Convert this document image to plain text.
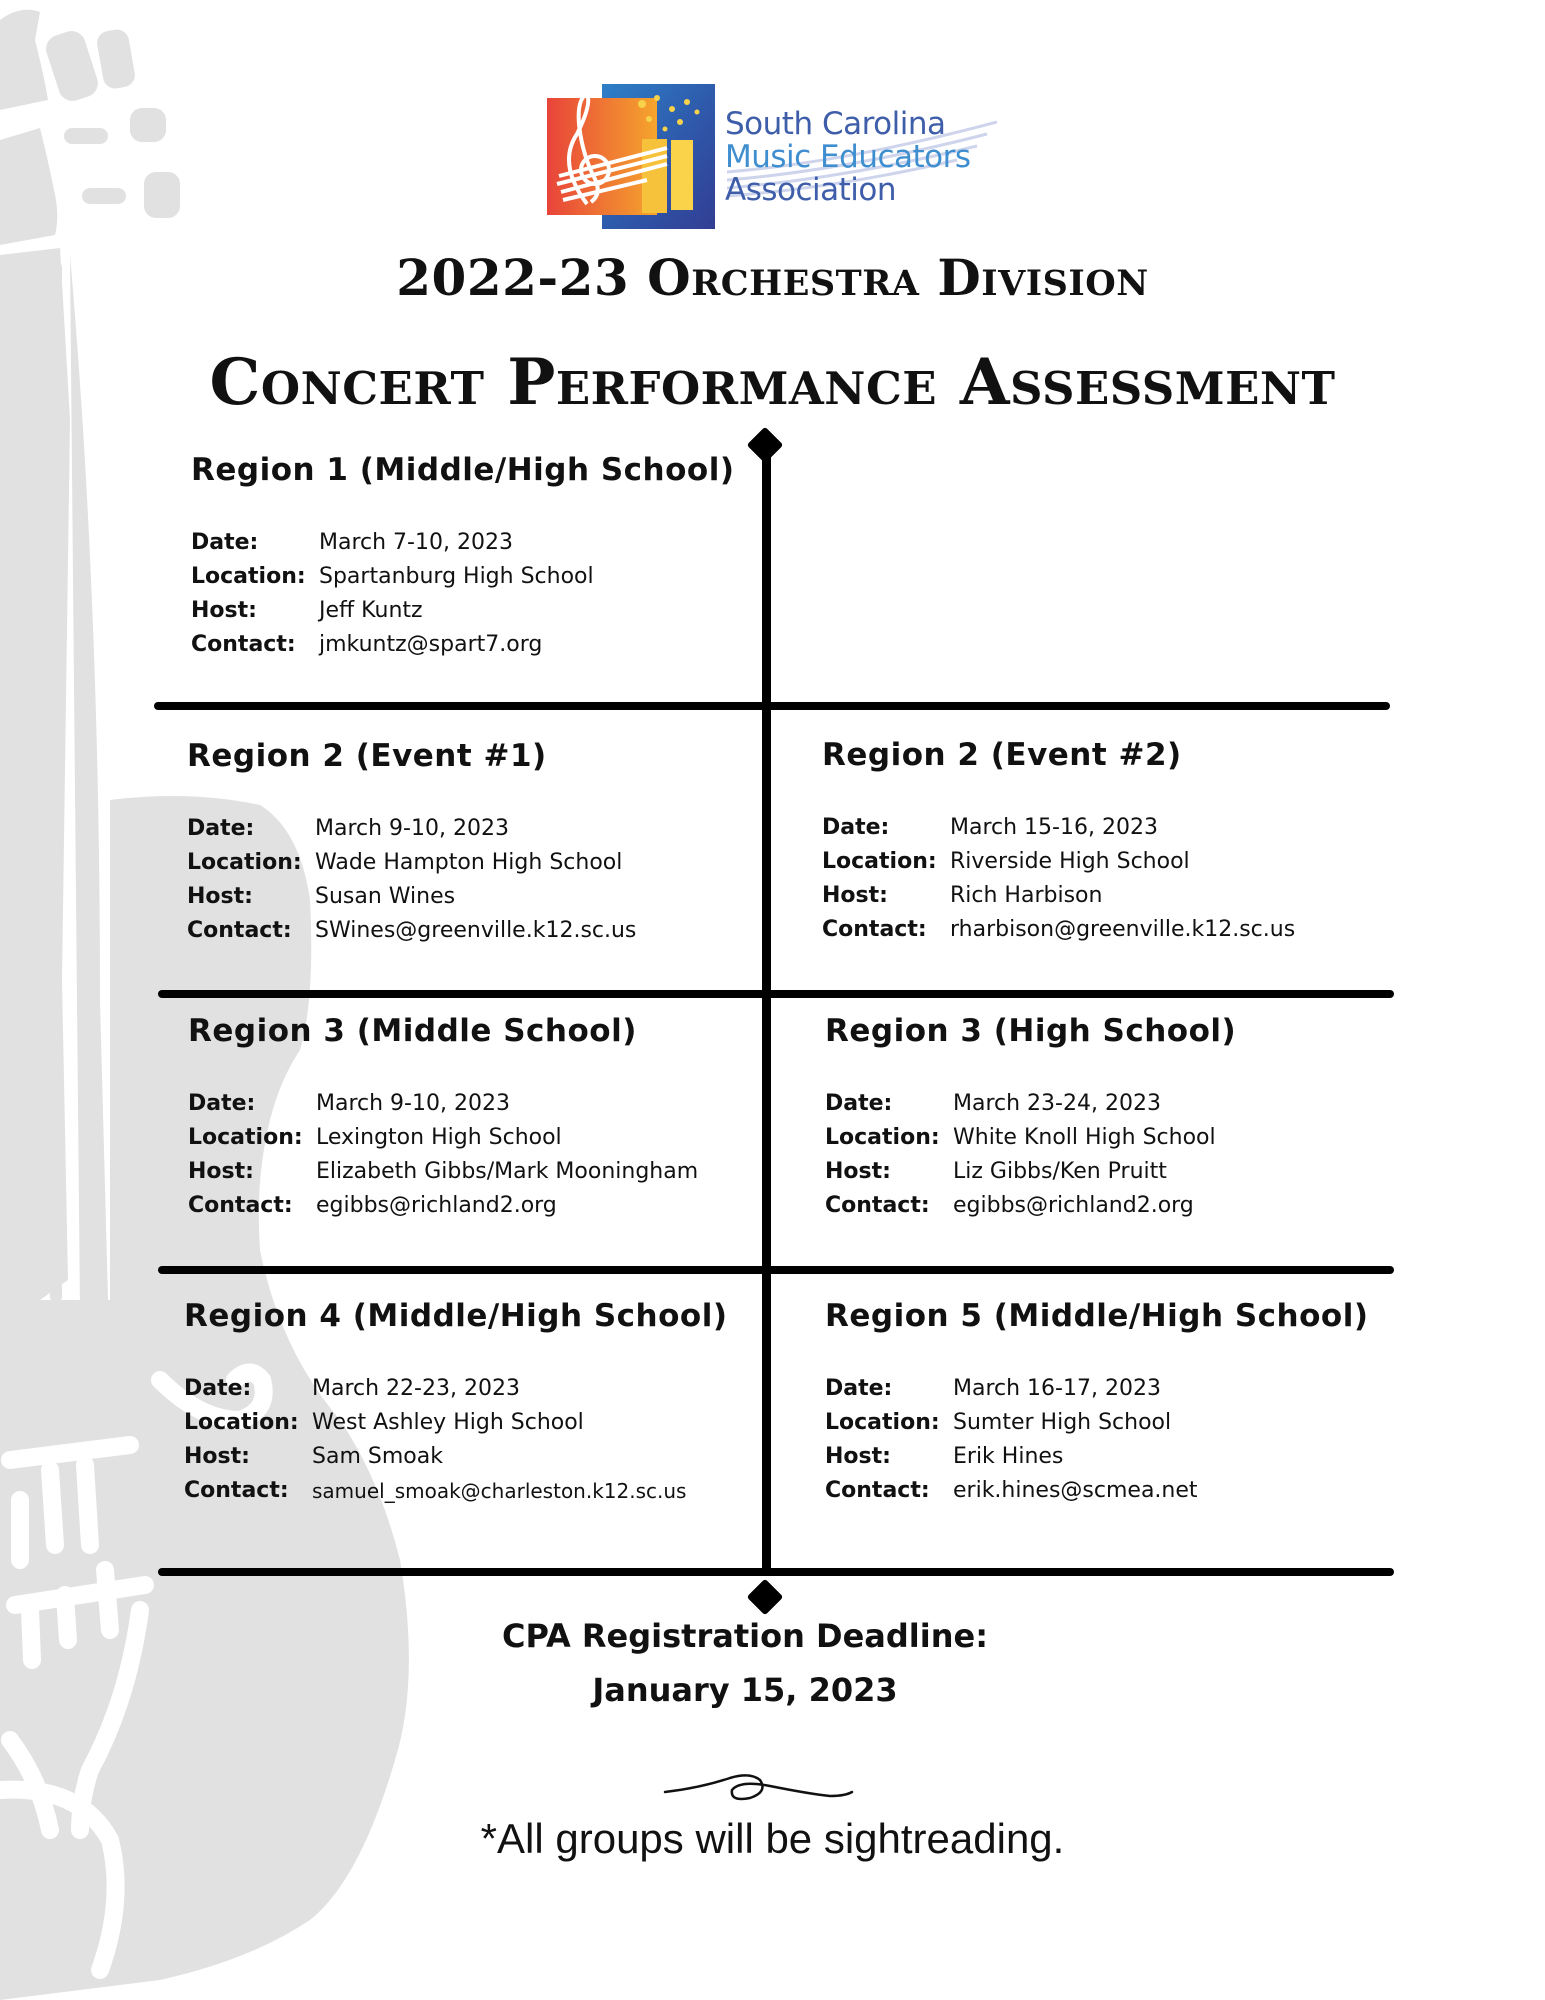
South Carolina
Music Educators
Association
2022-23 Orchestra Division
Concert Performance Assessment
Region 1 (Middle/High School)
Date:	March 7-10, 2023
Location: Spartanburg High School
Host:	Jeff Kuntz
Contact:	jmkuntz@spart7.org
Region 2 (Event #1)
Date:	March 9-10, 2023
Location: Wade Hampton High School
Host:	Susan Wines
Contact:	SWines@greenville.k12.sc.us
Region 2 (Event #2)
Date:	March 15-16, 2023
Location: Riverside High School
Host:	Rich Harbison
Contact:	rharbison@greenville.k12.sc.us
Region 3 (Middle School)
Date:	March 9-10, 2023
Location: Lexington High School
Host:	Elizabeth Gibbs/Mark Mooningham
Contact:	egibbs@richland2.org
Region 3 (High School)
Date:	March 23-24, 2023
Location: White Knoll High School
Host:	Liz Gibbs/Ken Pruitt
Contact:	egibbs@richland2.org
Region 4 (Middle/High School)
Date:	March 22-23, 2023
Location: West Ashley High School
Host:	Sam Smoak
Contact:	samuel_smoak@charleston.k12.sc.us
Region 5 (Middle/High School)
Date:	March 16-17, 2023
Location: Sumter High School
Host:	Erik Hines
Contact:	erik.hines@scmea.net
CPA Registration Deadline:
January 15, 2023
*All groups will be sightreading.
